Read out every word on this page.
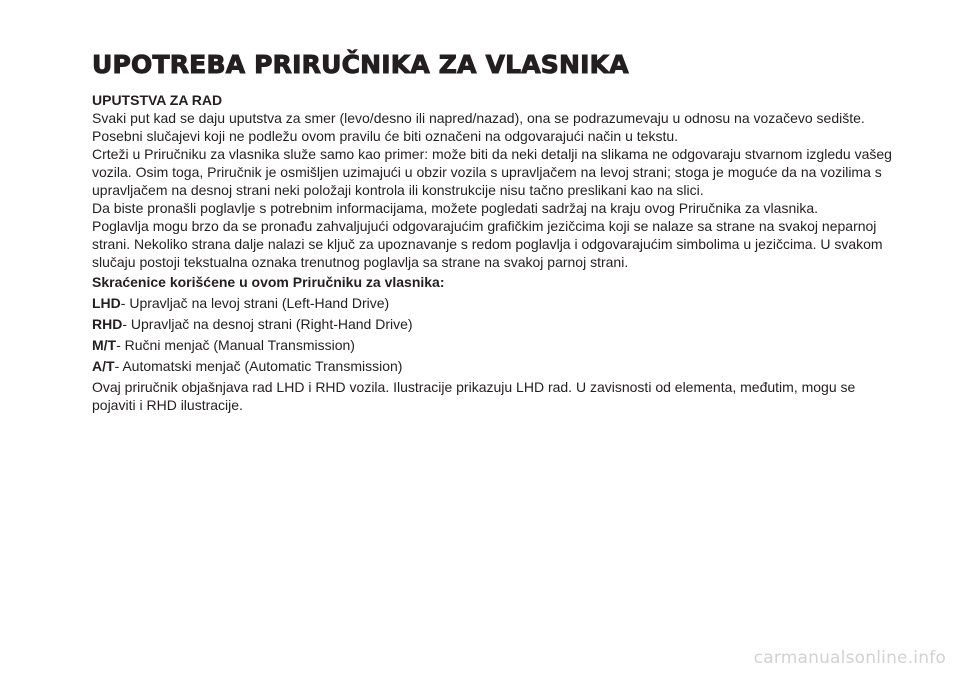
UPOTREBA PRIRUČNIKA ZA VLASNIKA
UPUTSTVA ZA RAD

Svaki put kad se daju uputstva za smer (levo/desno ili napred/nazad), ona se podrazumevaju u odnosu na vozačevo sedište. Posebni slučajevi koji ne podležu ovom pravilu će biti označeni na odgovarajući način u tekstu.

Crteži u Priručniku za vlasnika služe samo kao primer: može biti da neki detalji na slikama ne odgovaraju stvarnom izgledu vašeg vozila. Osim toga, Priručnik je osmišljen uzimajući u obzir vozila s upravljačem na levoj strani; stoga je moguće da na vozilima s upravljačem na desnoj strani neki položaji kontrola ili konstrukcije nisu tačno preslikani kao na slici.

Da biste pronašli poglavlje s potrebnim informacijama, možete pogledati sadržaj na kraju ovog Priručnika za vlasnika.

Poglavlja mogu brzo da se pronađu zahvaljujući odgovarajućim grafičkim jezičcima koji se nalaze sa strane na svakoj neparnoj strani. Nekoliko strana dalje nalazi se ključ za upoznavanje s redom poglavlja i odgovarajućim simbolima u jezičcima. U svakom slučaju postoji tekstualna oznaka trenutnog poglavlja sa strane na svakoj parnoj strani.

Skraćenice korišćene u ovom Priručniku za vlasnika:
LHD- Upravljač na levoj strani (Left-Hand Drive)
RHD- Upravljač na desnoj strani (Right-Hand Drive)
M/T- Ručni menjač (Manual Transmission)
A/T- Automatski menjač (Automatic Transmission)

Ovaj priručnik objašnjava rad LHD i RHD vozila. Ilustracije prikazuju LHD rad. U zavisnosti od elementa, međutim, mogu se pojaviti i RHD ilustracije.

carmanualsonline.info
